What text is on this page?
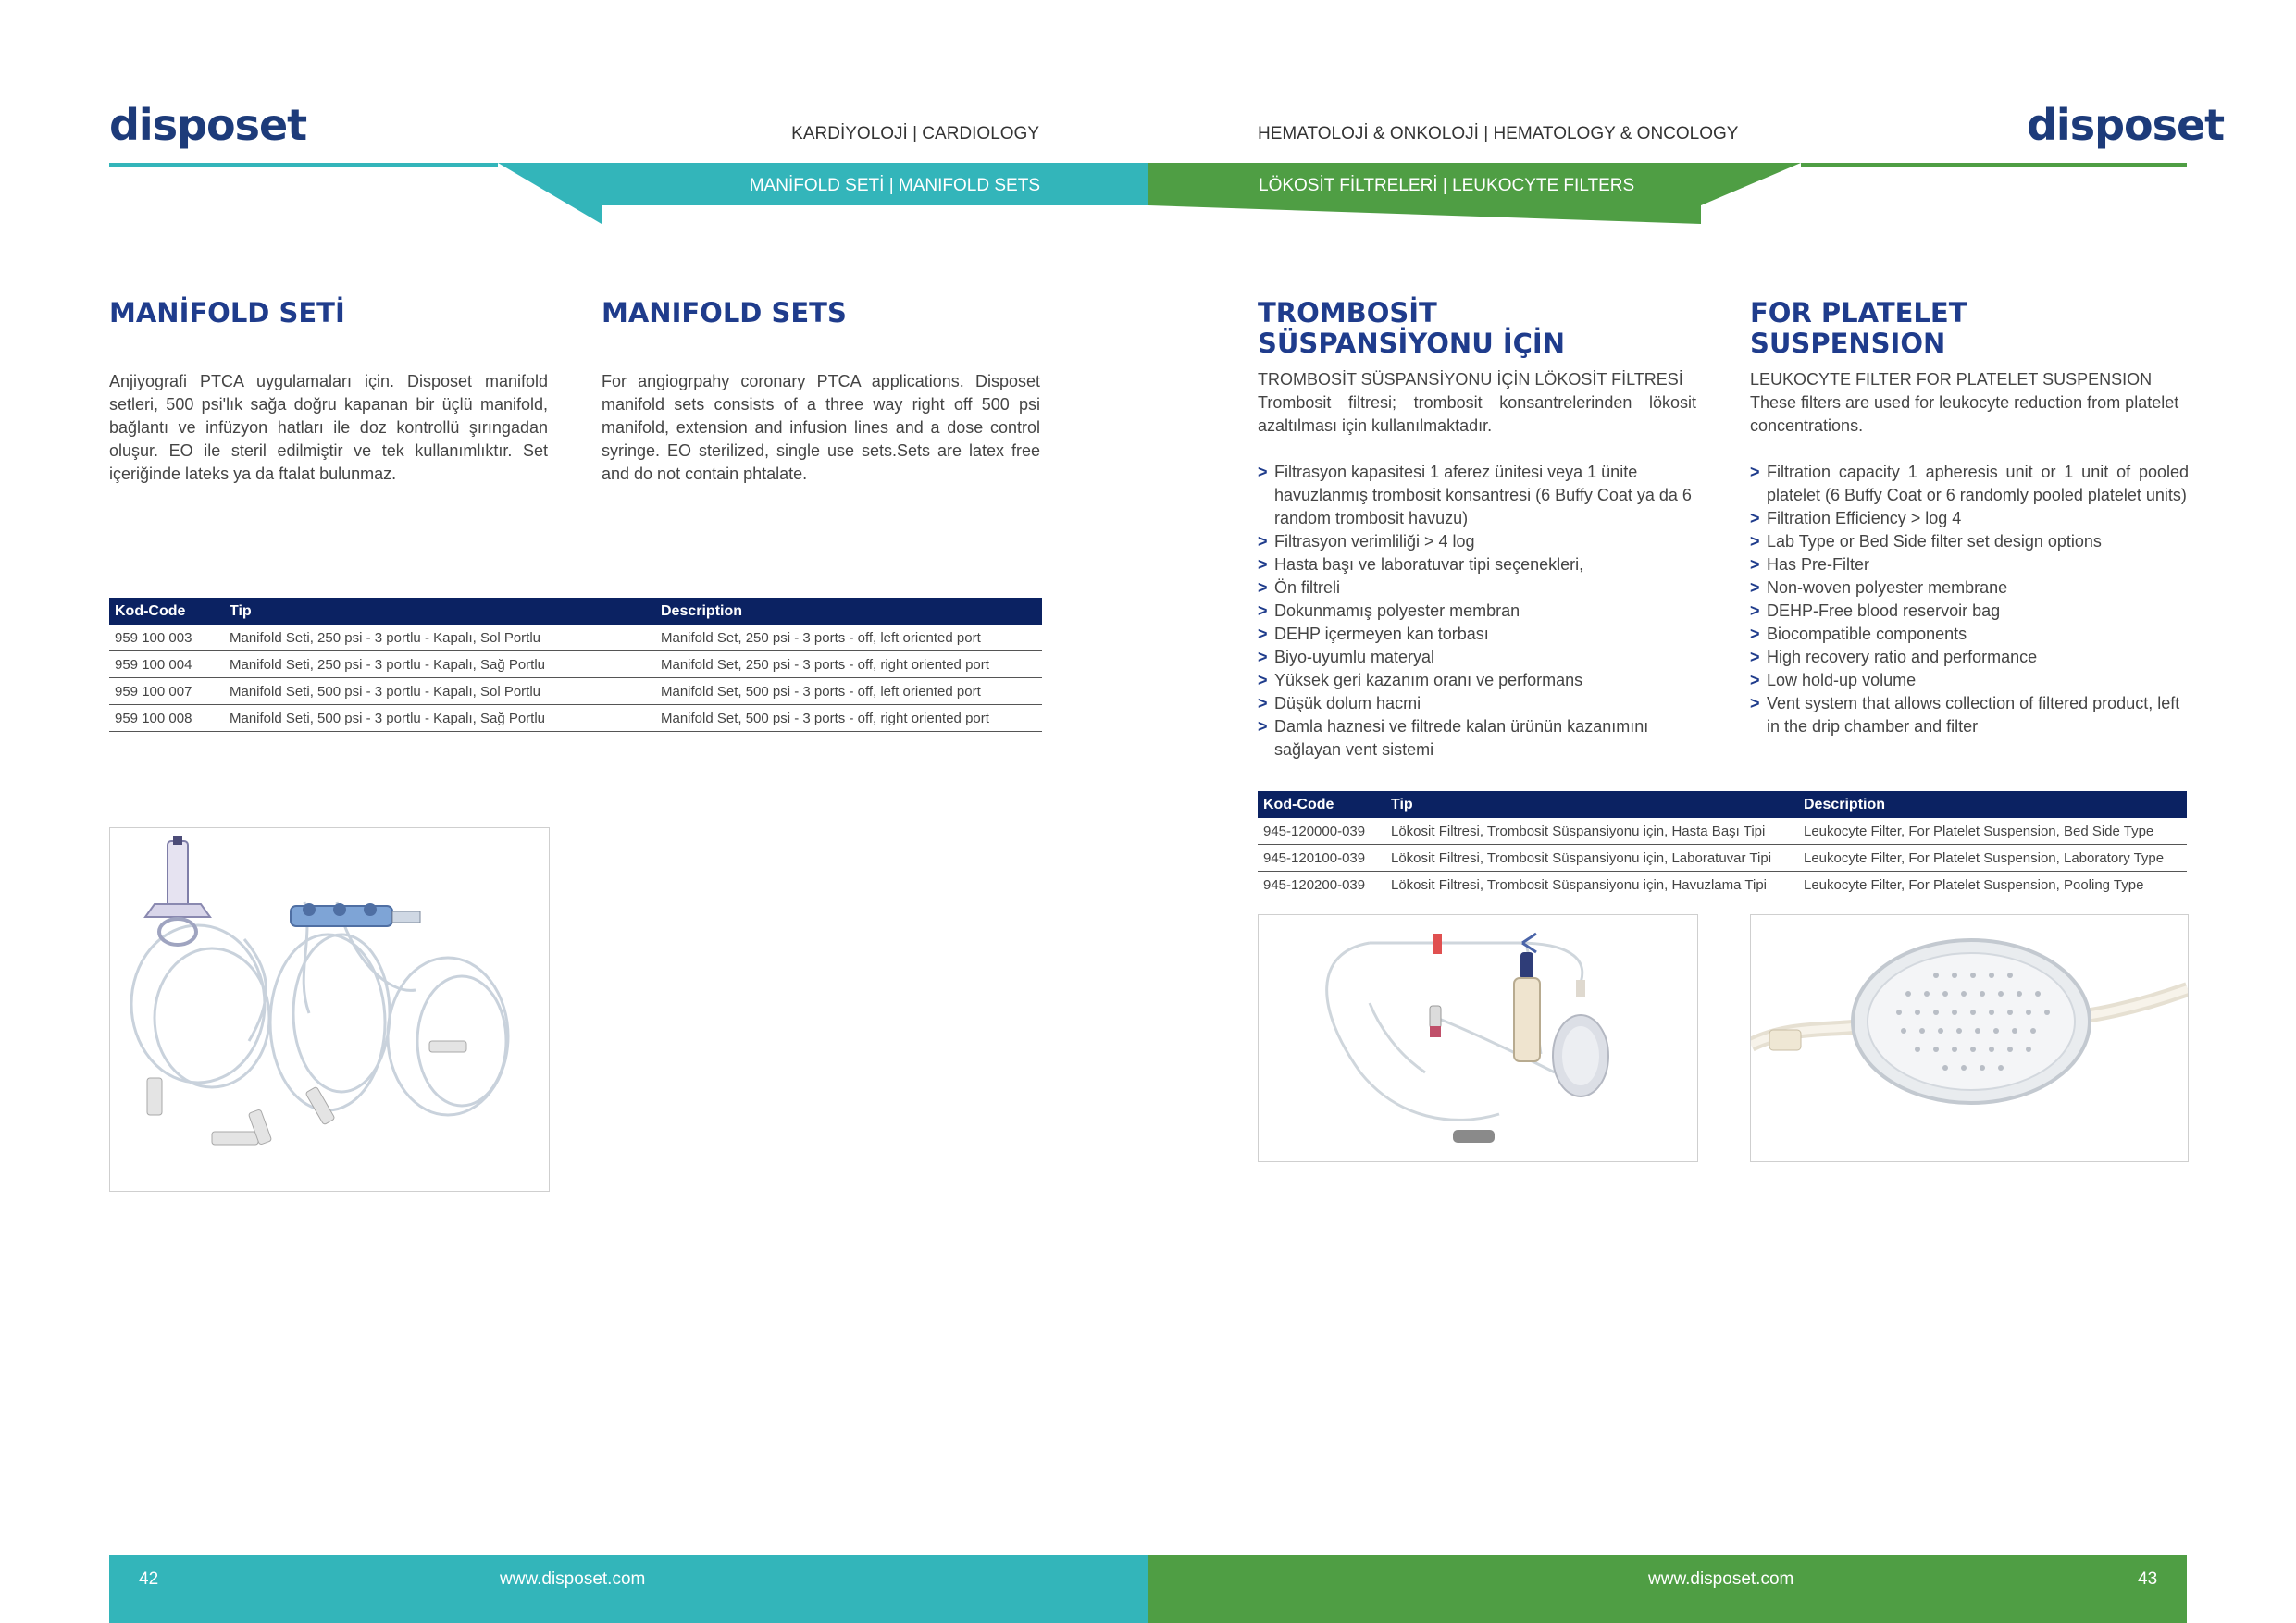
disposet	disposet
KARDİYOLOJİ | CARDIOLOGY	HEMATOLOJİ & ONKOLOJİ | HEMATOLOGY & ONCOLOGY
MANİFOLD SETİ | MANIFOLD SETS	LÖKOSİT FİLTRELERİ | LEUKOCYTE FILTERS
MANİFOLD SETİ	MANIFOLD SETS
Anjiyografi PTCA uygulamaları için. Disposet manifold setleri, 500 psi'lık sağa doğru kapanan bir üçlü manifold, bağlantı ve infüzyon hatları ile doz kontrollü şırıngadan oluşur. EO ile steril edilmiştir ve tek kullanımlıktır. Set içeriğinde lateks ya da ftalat bulunmaz.
For angiogrpahy coronary PTCA applications. Disposet manifold sets consists of a three way right off 500 psi manifold, extension and infusion lines and a dose control syringe. EO sterilized, single use sets.Sets are latex free and do not contain phtalate.
Kod-Code	Tip	Description
959 100 003	Manifold Seti, 250 psi - 3 portlu - Kapalı, Sol Portlu	Manifold Set, 250 psi - 3 ports - off, left oriented port
959 100 004	Manifold Seti, 250 psi - 3 portlu - Kapalı, Sağ Portlu	Manifold Set, 250 psi - 3 ports - off, right oriented port
959 100 007	Manifold Seti, 500 psi - 3 portlu - Kapalı, Sol Portlu	Manifold Set, 500 psi - 3 ports - off, left oriented port
959 100 008	Manifold Seti, 500 psi - 3 portlu - Kapalı, Sağ Portlu	Manifold Set, 500 psi - 3 ports - off, right oriented port
TROMBOSİT
SÜSPANSİYONU İÇİN
FOR PLATELET
SUSPENSION
TROMBOSİT SÜSPANSİYONU İÇİN LÖKOSİT FİLTRESİ
Trombosit filtresi; trombosit konsantrelerinden lökosit azaltılması için kullanılmaktadır.
> Filtrasyon kapasitesi 1 aferez ünitesi veya 1 ünite havuzlanmış trombosit konsantresi (6 Buffy Coat ya da 6 random trombosit havuzu)
> Filtrasyon verimliliği > 4 log
> Hasta başı ve laboratuvar tipi seçenekleri,
> Ön filtreli
> Dokunmamış polyester membran
> DEHP içermeyen kan torbası
> Biyo-uyumlu materyal
> Yüksek geri kazanım oranı ve performans
> Düşük dolum hacmi
> Damla haznesi ve filtrede kalan ürünün kazanımını sağlayan vent sistemi
LEUKOCYTE FILTER FOR PLATELET SUSPENSION
These filters are used for leukocyte reduction from platelet concentrations.
> Filtration capacity 1 apheresis unit or 1 unit of pooled platelet (6 Buffy Coat or 6 randomly pooled platelet units)
> Filtration Efficiency > log 4
> Lab Type or Bed Side filter set design options
> Has Pre-Filter
> Non-woven polyester membrane
> DEHP-Free blood reservoir bag
> Biocompatible components
> High recovery ratio and performance
> Low hold-up volume
> Vent system that allows collection of filtered product, left in the drip chamber and filter
Kod-Code	Tip	Description
945-120000-039	Lökosit Filtresi, Trombosit Süspansiyonu için, Hasta Başı Tipi	Leukocyte Filter, For Platelet Suspension, Bed Side Type
945-120100-039	Lökosit Filtresi, Trombosit Süspansiyonu için, Laboratuvar Tipi	Leukocyte Filter, For Platelet Suspension, Laboratory Type
945-120200-039	Lökosit Filtresi, Trombosit Süspansiyonu için, Havuzlama Tipi	Leukocyte Filter, For Platelet Suspension, Pooling Type
42	www.disposet.com	www.disposet.com	43
